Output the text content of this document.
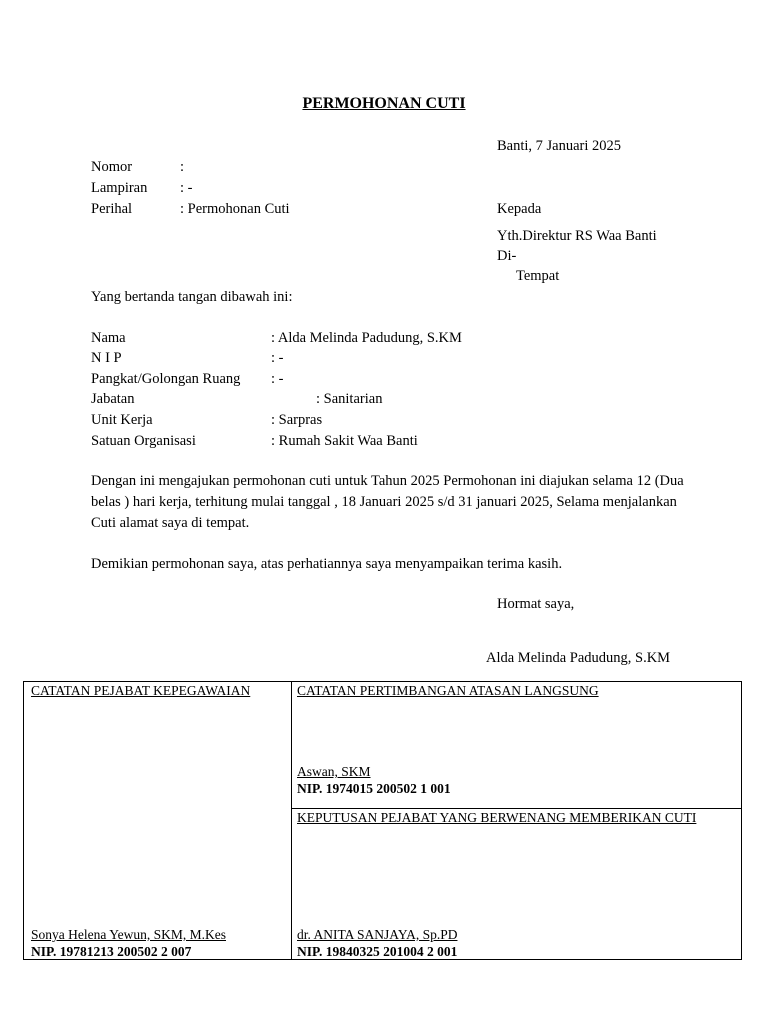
PERMOHONAN CUTI
Banti, 7 Januari 2025
Nomor	:
Lampiran : -
Perihal	: Permohonan Cuti	Kepada
Yth.Direktur RS Waa Banti
Di-
Tempat
Yang bertanda tangan dibawah ini:
Nama	: Alda Melinda Padudung, S.KM
N I P	: -
Pangkat/Golongan Ruang : -
Jabatan	: Sanitarian
Unit Kerja	: Sarpras
Satuan Organisasi	: Rumah Sakit Waa Banti
Dengan ini mengajukan permohonan cuti untuk Tahun 2025 Permohonan ini diajukan selama 12 (Dua belas ) hari kerja, terhitung mulai tanggal , 18 Januari 2025 s/d 31 januari 2025, Selama menjalankan Cuti alamat saya di tempat.
Demikian permohonan saya, atas perhatiannya saya menyampaikan terima kasih.
Hormat saya,
Alda Melinda Padudung, S.KM
CATATAN PEJABAT KEPEGAWAIAN
Sonya Helena Yewun, SKM, M.Kes
NIP. 19781213 200502 2 007
CATATAN PERTIMBANGAN ATASAN LANGSUNG
Aswan, SKM
NIP. 1974015 200502 1 001
KEPUTUSAN PEJABAT YANG BERWENANG MEMBERIKAN CUTI
dr. ANITA SANJAYA, Sp.PD
NIP. 19840325 201004 2 001
